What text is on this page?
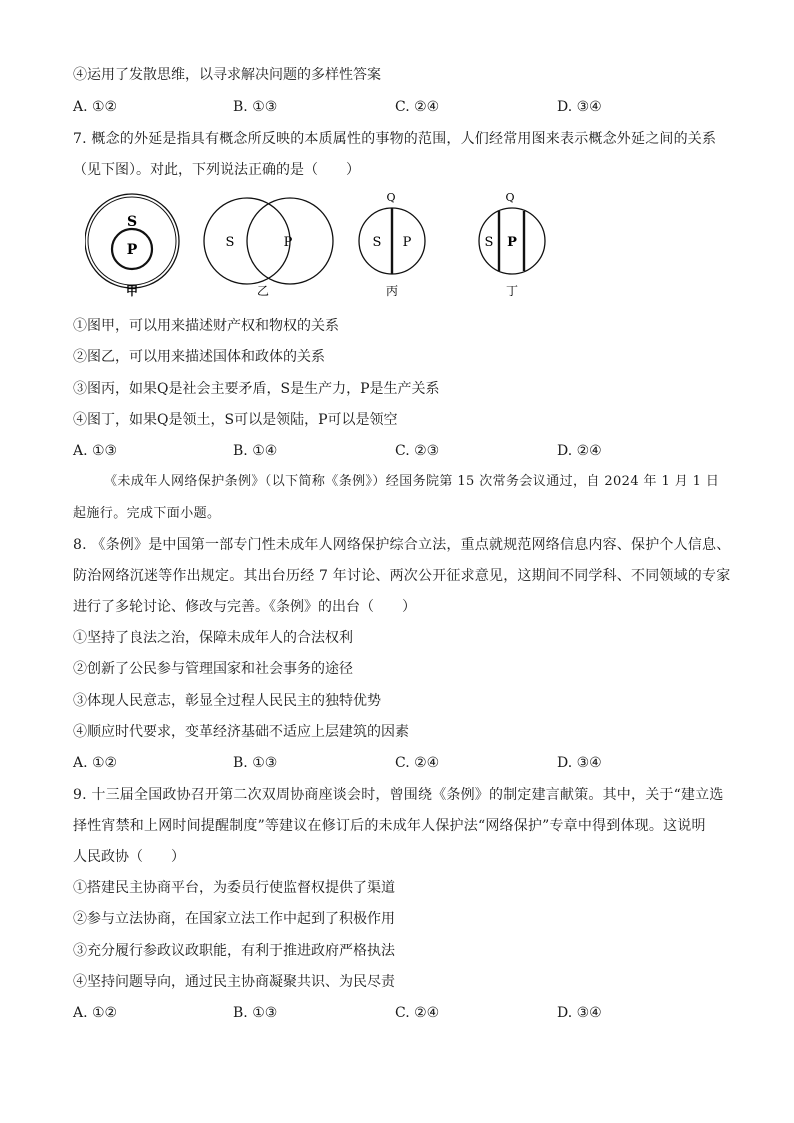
④运用了发散思维，以寻求解决问题的多样性答案
A. ①②	B. ①③	C. ②④	D. ③④
7. 概念的外延是指具有概念所反映的本质属性的事物的范围，人们经常用图来表示概念外延之间的关系
（见下图）。对此，下列说法正确的是（　　）
S
P
甲
S	P
乙
Q
S P
丙
Q
S P
丁
①图甲，可以用来描述财产权和物权的关系
②图乙，可以用来描述国体和政体的关系
③图丙，如果Q是社会主要矛盾，S是生产力，P是生产关系
④图丁，如果Q是领土，S可以是领陆，P可以是领空
A. ①③	B. ①④	C. ②③	D. ②④
《未成年人网络保护条例》（以下简称《条例》）经国务院第 15 次常务会议通过，自 2024 年 1 月 1 日
起施行。完成下面小题。
8. 《条例》是中国第一部专门性未成年人网络保护综合立法，重点就规范网络信息内容、保护个人信息、
防治网络沉迷等作出规定。其出台历经 7 年讨论、两次公开征求意见，这期间不同学科、不同领域的专家
进行了多轮讨论、修改与完善。《条例》的出台（　　）
①坚持了良法之治，保障未成年人的合法权利
②创新了公民参与管理国家和社会事务的途径
③体现人民意志，彰显全过程人民民主的独特优势
④顺应时代要求，变革经济基础不适应上层建筑的因素
A. ①②	B. ①③	C. ②④	D. ③④
9. 十三届全国政协召开第二次双周协商座谈会时，曾围绕《条例》的制定建言献策。其中，关于“建立选
择性宵禁和上网时间提醒制度”等建议在修订后的未成年人保护法“网络保护”专章中得到体现。这说明
人民政协（　　）
①搭建民主协商平台，为委员行使监督权提供了渠道
②参与立法协商，在国家立法工作中起到了积极作用
③充分履行参政议政职能，有利于推进政府严格执法
④坚持问题导向，通过民主协商凝聚共识、为民尽责
A. ①②	B. ①③	C. ②④	D. ③④
